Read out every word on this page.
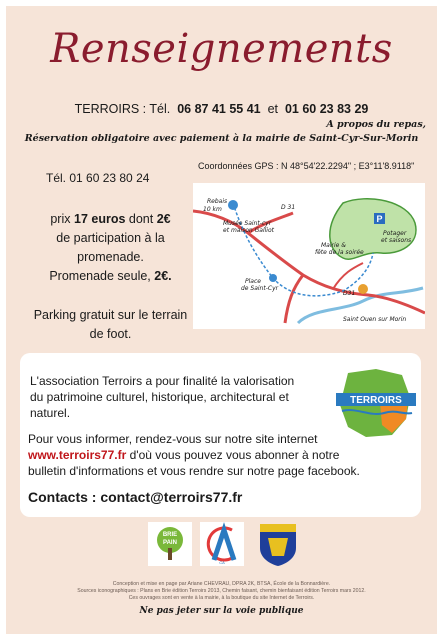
Renseignements
TERROIRS : Tél. 06 87 41 55 41 et 01 60 23 83 29
A propos du repas,
Réservation obligatoire avec paiement à la mairie de Saint-Cyr-Sur-Morin
Tél. 01 60 23 80 24
Coordonnées GPS : N 48°54'22.2294" ; E3°11'8.9118"
prix 17 euros dont 2€
de participation à la
promenade.
Promenade seule, 2€.
Parking gratuit sur le terrain
de foot.
P
Rebais
10 km	D 31
Musée Saint-cyr
et maison Galliot
Mairie &
fête de la soirée
Place
de Saint-Cyr
Potager
et saisons
D31
Saint Ouen sur Morin
L'association Terroirs a pour finalité la valorisation
du patrimoine culturel, historique, architectural et
naturel.
Pour vous informer, rendez-vous sur notre site internet
www.terroirs77.fr d'où vous pouvez vous abonner à notre
bulletin d'informations et vous rendre sur notre page facebook.
Contacts : contact@terroirs77.fr
TERROIRS
BRIE
PAIN
CA
Conception et mise en page par Ariane CHEVRAU, DPRA 2K, BTSA, École de la Bonnardière.
Sources iconographiques : Plans en Brie édition Terroirs 2013, Chemin faisant, chemin bienfaisant édition Terroirs mars 2012.
Ces ouvrages sont en vente à la mairie, à la boutique du site Internet de Terroirs.
Ne pas jeter sur la voie publique
